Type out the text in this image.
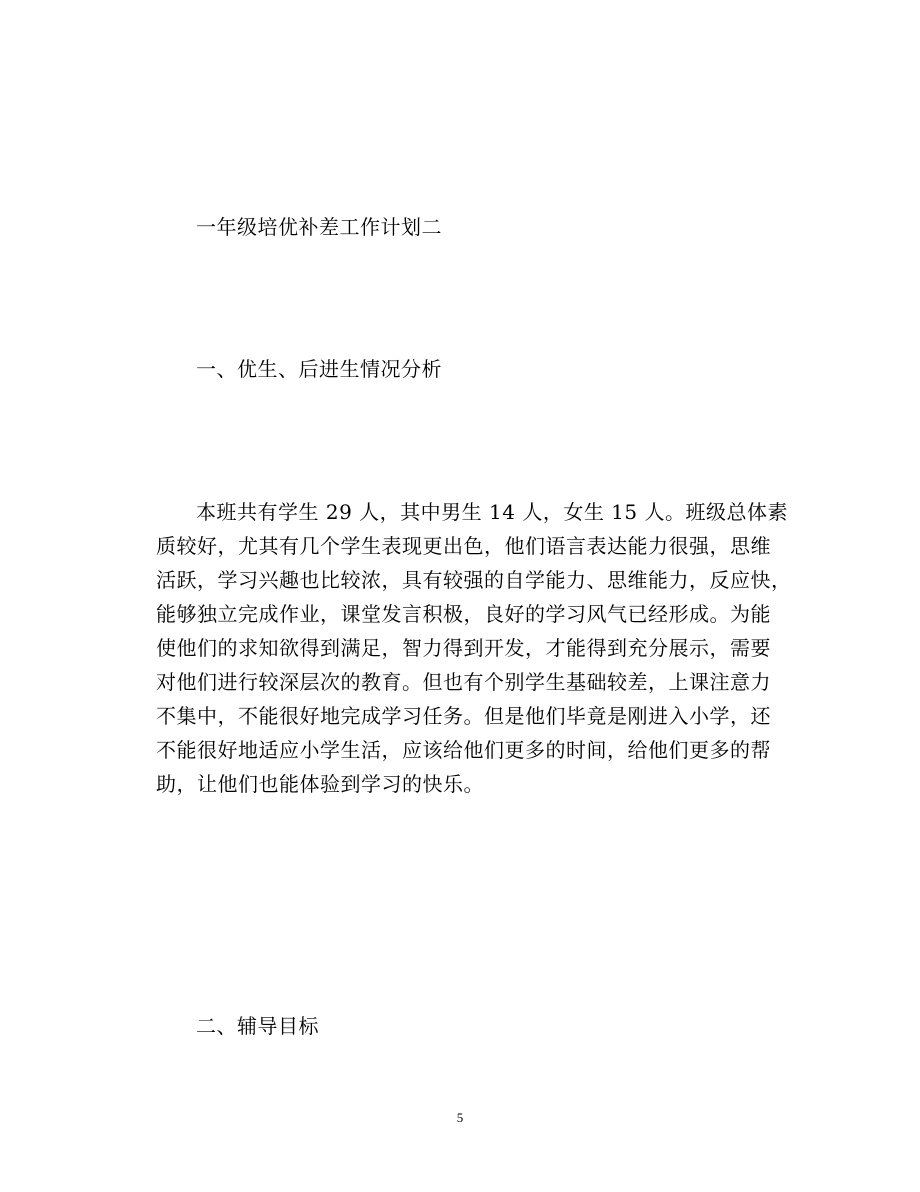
一年级培优补差工作计划二
一、优生、后进生情况分析
本班共有学生 29 人，其中男生 14 人，女生 15 人。班级总体素
质较好，尤其有几个学生表现更出色，他们语言表达能力很强，思维
活跃，学习兴趣也比较浓，具有较强的自学能力、思维能力，反应快，
能够独立完成作业，课堂发言积极，良好的学习风气已经形成。为能
使他们的求知欲得到满足，智力得到开发，才能得到充分展示，需要
对他们进行较深层次的教育。但也有个别学生基础较差，上课注意力
不集中，不能很好地完成学习任务。但是他们毕竟是刚进入小学，还
不能很好地适应小学生活，应该给他们更多的时间，给他们更多的帮
助，让他们也能体验到学习的快乐。
二、辅导目标
5
